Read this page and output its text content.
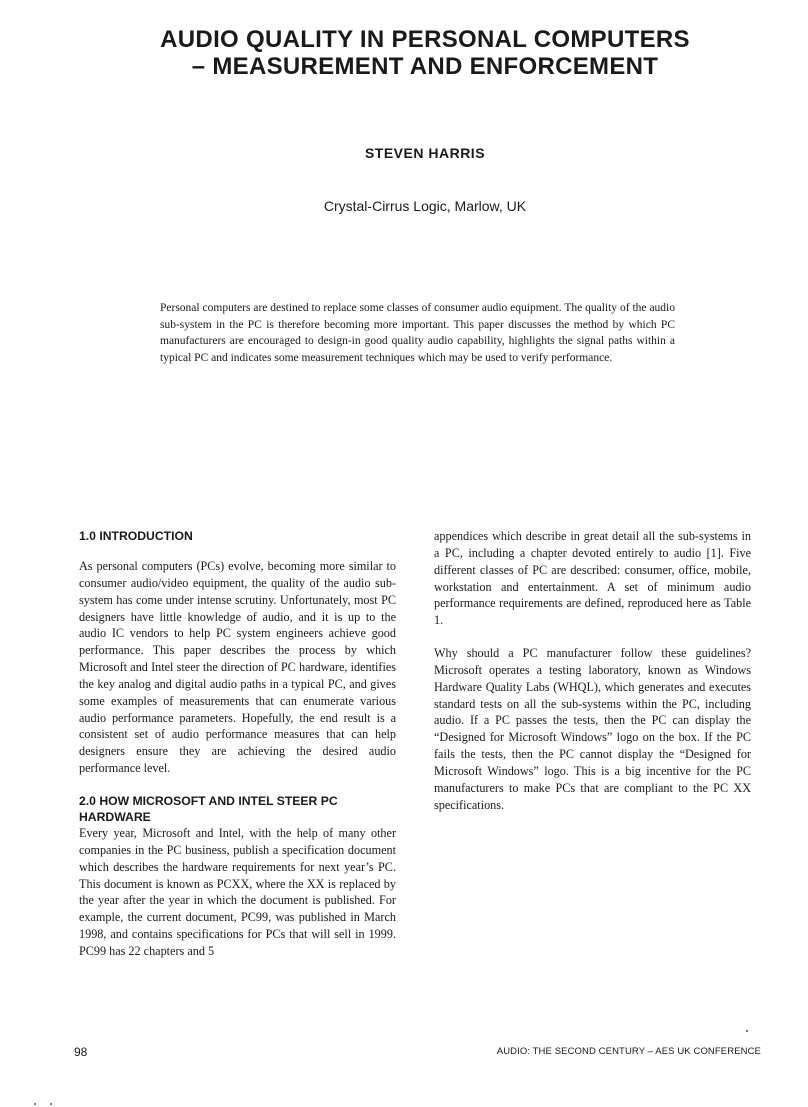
AUDIO QUALITY IN PERSONAL COMPUTERS
– MEASUREMENT AND ENFORCEMENT
STEVEN HARRIS
Crystal-Cirrus Logic, Marlow, UK

Personal computers are destined to replace some classes of consumer audio equipment. The quality of the audio sub-system in the PC is therefore becoming more important. This paper discusses the method by which PC manufacturers are encouraged to design-in good quality audio capability, highlights the signal paths within a typical PC and indicates some measurement techniques which may be used to verify performance.

1.0 INTRODUCTION

As personal computers (PCs) evolve, becoming more similar to consumer audio/video equipment, the quality of the audio sub-system has come under intense scrutiny. Unfortunately, most PC designers have little knowledge of audio, and it is up to the audio IC vendors to help PC system engineers achieve good performance. This paper describes the process by which Microsoft and Intel steer the direction of PC hardware, identifies the key analog and digital audio paths in a typical PC, and gives some examples of measurements that can enumerate various audio performance parameters. Hopefully, the end result is a consistent set of audio performance measures that can help designers ensure they are achieving the desired audio performance level.

2.0 HOW MICROSOFT AND INTEL STEER PC HARDWARE

Every year, Microsoft and Intel, with the help of many other companies in the PC business, publish a specification document which describes the hardware requirements for next year’s PC. This document is known as PCXX, where the XX is replaced by the year after the year in which the document is published. For example, the current document, PC99, was published in March 1998, and contains specifications for PCs that will sell in 1999. PC99 has 22 chapters and 5

appendices which describe in great detail all the sub-systems in a PC, including a chapter devoted entirely to audio [1]. Five different classes of PC are described: consumer, office, mobile, workstation and entertainment. A set of minimum audio performance requirements are defined, reproduced here as Table 1.

Why should a PC manufacturer follow these guidelines? Microsoft operates a testing laboratory, known as Windows Hardware Quality Labs (WHQL), which generates and executes standard tests on all the sub-systems within the PC, including audio. If a PC passes the tests, then the PC can display the “Designed for Microsoft Windows” logo on the box. If the PC fails the tests, then the PC cannot display the “Designed for Microsoft Windows” logo. This is a big incentive for the PC manufacturers to make PCs that are compliant to the PC XX specifications.

98	AUDIO: THE SECOND CENTURY – AES UK CONFERENCE
